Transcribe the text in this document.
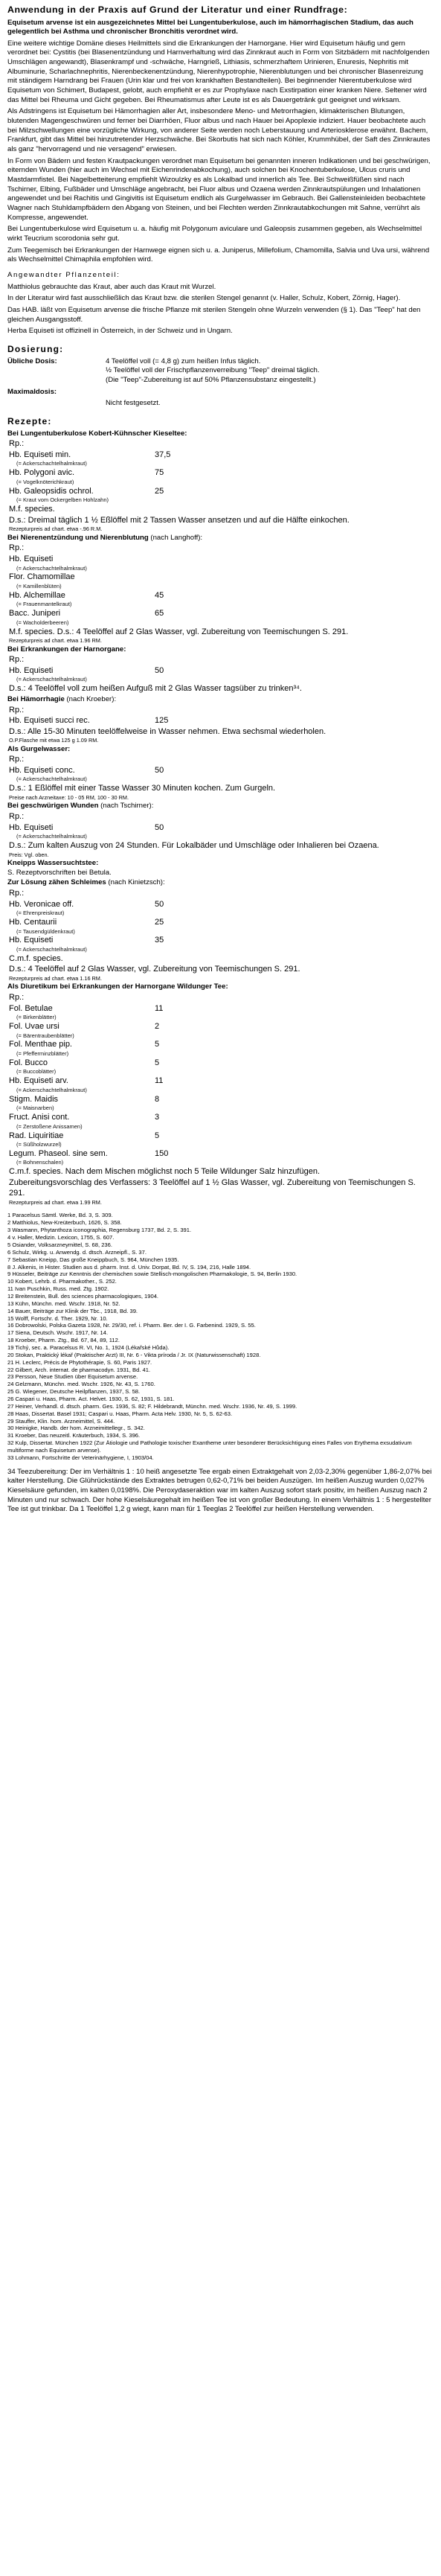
Anwendung in der Praxis auf Grund der Literatur und einer Rundfrage:

Equisetum arvense ist ein ausgezeichnetes Mittel bei Lungentuberkulose, auch im hämorrhagischen Stadium, das auch gelegentlich bei Asthma und chronischer Bronchitis verordnet wird.

Eine weitere wichtige Domäne dieses Heilmittels sind die Erkrankungen der Harnorgane. Hier wird Equisetum häufig und gern verordnet bei: Cystitis (bei Blasenentzündung und Harnverhaltung wird das Zinnkraut auch in Form von Sitzbädern mit nachfolgenden Umschlägen angewandt), Blasenkrampf und -schwäche, Harngrieß, Lithiasis, schmerzhaftem Urinieren, Enuresis, Nephritis mit Albuminurie, Scharlachnephritis, Nierenbeckenentzündung, Nierenhypotrophie, Nierenblutungen und bei chronischer Blasenreizung mit ständigem Harndrang bei Frauen (Urin klar und frei von krankhaften Bestandteilen). Bei beginnender Nierentuberkulose wird Equisetum von Schimert, Budapest, gelobt, auch empfiehlt er es zur Prophylaxe nach Exstirpation einer kranken Niere. Seltener wird das Mittel bei Rheuma und Gicht gegeben. Bei Rheumatismus after Leute ist es als Dauergetränk gut geeignet und wirksam.

Als Adstringens ist Equisetum bei Hämorrhagien aller Art, insbesondere Meno- und Metrorrhagien, klimakterischen Blutungen, blutenden Magengeschwüren und ferner bei Diarrhöen, Fluor albus und nach Hauer bei Apoplexie indiziert. Hauer beobachtete auch bei Milzschwellungen eine vorzügliche Wirkung, von anderer Seite werden noch Leberstauung und Arteriosklerose erwähnt. Bachem, Frankfurt, gibt das Mittel bei hinzutretender Herzschwäche. Bei Skorbutis hat sich nach Köhler, Krummhübel, der Saft des Zinnkrautes als ganz "hervorragend und nie versagend" erwiesen.

In Form von Bädern und festen Krautpackungen verordnet man Equisetum bei genannten inneren Indikationen und bei geschwürigen, eiternden Wunden (hier auch im Wechsel mit Eichenrindenabkochung), auch solchen bei Knochentuberkulose, Ulcus cruris und Mastdarmfistel. Bei Nagelbetteiterung empfiehlt Wizoulzky es als Lokalbad und innerlich als Tee. Bei Schweißfüßen sind nach Tschirner, Elbing, Fußbäder und Umschläge angebracht, bei Fluor albus und Ozaena werden Zinnkrautspülungen und Inhalationen angewendet und bei Rachitis und Gingivitis ist Equisetum endlich als Gurgelwasser im Gebrauch. Bei Gallensteinleiden beobachtete Wagner nach Stuhldampfbädern den Abgang von Steinen, und bei Flechten werden Zinnkrautabkochungen mit Sahne, verrührt als Kompresse, angewendet.

Bei Lungentuberkulose wird Equisetum u. a. häufig mit Polygonum aviculare und Galeopsis zusammen gegeben, als Wechselmittel wirkt Teucrium scorodonia sehr gut.

Zum Teegemisch bei Erkrankungen der Harnwege eignen sich u. a. Juniperus, Millefolium, Chamomilla, Salvia und Uva ursi, während als Wechselmittel Chimaphila empfohlen wird.

Angewandter Pflanzenteil:

Matthiolus gebrauchte das Kraut, aber auch das Kraut mit Wurzel.

In der Literatur wird fast ausschließlich das Kraut bzw. die sterilen Stengel genannt (v. Haller, Schulz, Kobert, Zörnig, Hager).

Das HAB. läßt von Equisetum arvense die frische Pflanze mit sterilen Stengeln ohne Wurzeln verwenden (§ 1). Das "Teep" hat den gleichen Ausgangsstoff.

Herba Equiseti ist offizinell in Österreich, in der Schweiz und in Ungarn.

Dosierung:
Übliche Dosis:	4 Teelöffel voll (= 4,8 g) zum heißen Infus täglich.
½ Teelöffel voll der Frischpflanzenverreibung "Teep" dreimal täglich.
(Die "Teep"-Zubereitung ist auf 50% Pflanzensubstanz eingestellt.)
Maximaldosis:
Nicht festgesetzt.
Rezepte:
Bei Lungentuberkulose Kobert-Kühnscher Kieseltee:
Rp.:
Hb. Equiseti min.	37,5
(= Ackerschachtelhalmkraut)
Hb. Polygoni avic.	75
(= Vogelknöterichkraut)
Hb. Galeopsidis ochrol.	25
(= Kraut vom Ockergelben Hohlzahn)
M.f. species.
D.s.: Dreimal täglich 1 ½ Eßlöffel mit 2 Tassen Wasser ansetzen und auf die Hälfte einkochen.
Rezepturpreis ad chart. etwa -.96 R.M.
Bei Nierenentzündung und Nierenblutung (nach Langhoff):
Rp.:
Hb. Equiseti
(= Ackerschachtelhalmkraut)
Flor. Chamomillae
(= Kamillenblüten)
Hb. Alchemillae	45
(= Frauenmantelkraut)
Bacc. Juniperi	65
(= Wacholderbeeren)
M.f. species. D.s.: 4 Teelöffel auf 2 Glas Wasser, vgl. Zubereitung von Teemischungen S. 291.
Rezepturpreis ad chart. etwa 1.96 RM.
Bei Erkrankungen der Harnorgane:
Rp.:
Hb. Equiseti	50
(= Ackerschachtelhalmkraut)
D.s.: 4 Teelöffel voll zum heißen Aufguß mit 2 Glas Wasser tagsüber zu trinken³⁴.
Bei Hämorrhagie (nach Kroeber):
Rp.:
Hb. Equiseti succi rec.	125
D.s.: Alle 15-30 Minuten teelöffelweise in Wasser nehmen. Etwa sechsmal wiederholen.
O.P.Flasche mit etwa 125 g 1.09 RM.
Als Gurgelwasser:
Rp.:
Hb. Equiseti conc.	50
(= Ackerschachtelhalmkraut)
D.s.: 1 Eßlöffel mit einer Tasse Wasser 30 Minuten kochen. Zum Gurgeln.
Preise nach Arzneitaxe: 10 - 05 RM, 100 - 30 RM.
Bei geschwürigen Wunden (nach Tschirner):
Rp.:
Hb. Equiseti	50
(= Ackerschachtelhalmkraut)
D.s.: Zum kalten Auszug von 24 Stunden. Für Lokalbäder und Umschläge oder Inhalieren bei Ozaena.
Preis: Vgl. oben.
Kneipps Wassersuchtstee:
S. Rezeptvorschriften bei Betula.
Zur Lösung zähen Schleimes (nach Kinietzsch):
Rp.:
Hb. Veronicae off.	50
(= Ehrenpreiskraut)
Hb. Centaurii	25
(= Tausendgüldenkraut)
Hb. Equiseti	35
(= Ackerschachtelhalmkraut)
C.m.f. species.
D.s.: 4 Teelöffel auf 2 Glas Wasser, vgl. Zubereitung von Teemischungen S. 291.
Rezepturpreis ad chart. etwa 1.16 RM.
Als Diuretikum bei Erkrankungen der Harnorgane Wildunger Tee:
Rp.:
Fol. Betulae	11
(= Birkenblätter)
Fol. Uvae ursi	2
(= Bärentraubenblätter)
Fol. Menthae pip.	5
(= Pfefferminzblätter)
Fol. Bucco	5
(= Buccoblätter)
Hb. Equiseti arv.	11
(= Ackerschachtelhalmkraut)
Stigm. Maidis	8
(= Maisnarben)
Fruct. Anisi cont.	3
(= Zerstoßene Anissamen)
Rad. Liquiritiae	5
(= Süßholzwurzel)
Legum. Phaseol. sine sem.	150
(= Bohnenschalen)
C.m.f. species. Nach dem Mischen möglichst noch 5 Teile Wildunger Salz hinzufügen.
Zubereitungsvorschlag des Verfassers: 3 Teelöffel auf 1 ½ Glas Wasser, vgl. Zubereitung von Teemischungen S. 291.
Rezepturpreis ad chart. etwa 1.99 RM.
1 Paracelsus Sämtl. Werke, Bd. 3, S. 309.
2 Matthiolus, New-Kreüterbuch, 1626, S. 358.
3 Wasmann, Phytanthoza iconographia, Regensburg 1737, Bd. 2, S. 391.
4 v. Haller, Medizin. Lexicon, 1755, S. 607.
5 Osiander, Volksarzneymittel, S. 68, 236.
6 Schulz, Wirkg. u. Anwendg. d. dtsch. Arzneipfl., S. 37.
7 Sebastian Kneipp, Das große Kneippbuch, S. 964, München 1935.
8 J. Alkenis, in Hister. Studien aus d. pharm. Inst. d. Univ. Dorpat, Bd. IV, S. 194, 216, Halle 1894.
9 Hüsseler, Beiträge zur Kenntnis der chemischen sowie Stellisch-mongolischen Pharmakologie, S. 94, Berlin 1930.
10 Kobert, Lehrb. d. Pharmakother., S. 252.
11 Ivan Puschkin, Russ. med. Ztg. 1902.
12 Breitenstein, Bull. des sciences pharmacologiques, 1904.
13 Kühn, Münchn. med. Wschr. 1918, Nr. 52.
14 Bauer, Beiträge zur Klinik der Tbc., 1918, Bd. 39.
15 Wolff, Fortschr. d. Ther. 1929, Nr. 10.
16 Dobrowolski, Polska Gazeta 1928, Nr. 29/30, ref. i. Pharm. Ber. der I. G. Farbenind. 1929, S. 55.
17 Siena, Deutsch. Wschr. 1917, Nr. 14.
18 Kroeber, Pharm. Ztg., Bd. 67, 84, 89, 112.
19 Tichý, sec. a. Paracelsus R. VI, No. 1, 1924 (Lékařské Hůda).
20 Stokan, Praktický lékař (Praktischer Arzt) III, Nr. 6 - Vikta príroda / Jr. IX (Naturwissenschaft) 1928.
21 H. Leclerc, Précis de Phytothérapie, S. 60, Paris 1927.
22 Gilbert, Arch. internat. de pharmacodyn. 1931, Bd. 41.
23 Persson, Neue Studien über Equisetum arvense.
24 Gelzmann, Münchn. med. Wschr. 1926, Nr. 43, S. 1760.
25 G. Wiegener, Deutsche Heilpflanzen, 1937, S. 58.
26 Caspari u. Haas, Pharm. Act. Helvet. 1930, S. 62, 1931, S. 181.
27 Heiner, Verhandl. d. dtsch. pharm. Ges. 1936, S. 82; F. Hildebrandt, Münchn. med. Wschr. 1936, Nr. 49, S. 1999.
28 Haas, Dissertat. Basel 1931; Caspari u. Haas, Pharm. Acta Helv. 1930, Nr. 5, S. 62-63.
29 Stauffer, Klin. hom. Arzneimittel, S. 444.
30 Heinigke, Handb. der hom. Arzneimittellegr., S. 342.
31 Kroeber, Das neuzeitl. Kräuterbuch, 1934, S. 396.
32 Kulp, Dissertat. München 1922 (Zur Ätiologie und Pathologie toxischer Exantheme unter besonderer Berücksichtigung eines Falles von Erythema exsudativum multiforme nach Equisetum arvense).
33 Lohmann, Fortschritte der Veterinärhygiene, I, 1903/04.
34 Teezubereitung: Der im Verhältnis 1 : 10 heiß angesetzte Tee ergab einen Extraktgehalt von 2,03-2,30% gegenüber 1,86-2,07% bei kalter Herstellung. Die Glührückstände des Extraktes betrugen 0,62-0,71% bei beiden Auszügen. Im heißen Auszug wurden 0,027% Kieselsäure gefunden, im kalten 0,0198%. Die Peroxydaseraktion war im kalten Auszug sofort stark positiv, im heißen Auszug nach 2 Minuten und nur schwach. Der hohe Kieselsäuregehalt im heißen Tee ist von großer Bedeutung. In einem Verhältnis 1 : 5 hergestellter Tee ist gut trinkbar. Da 1 Teelöffel 1,2 g wiegt, kann man für 1 Teeglas 2 Teelöffel zur heißen Herstellung verwenden.
